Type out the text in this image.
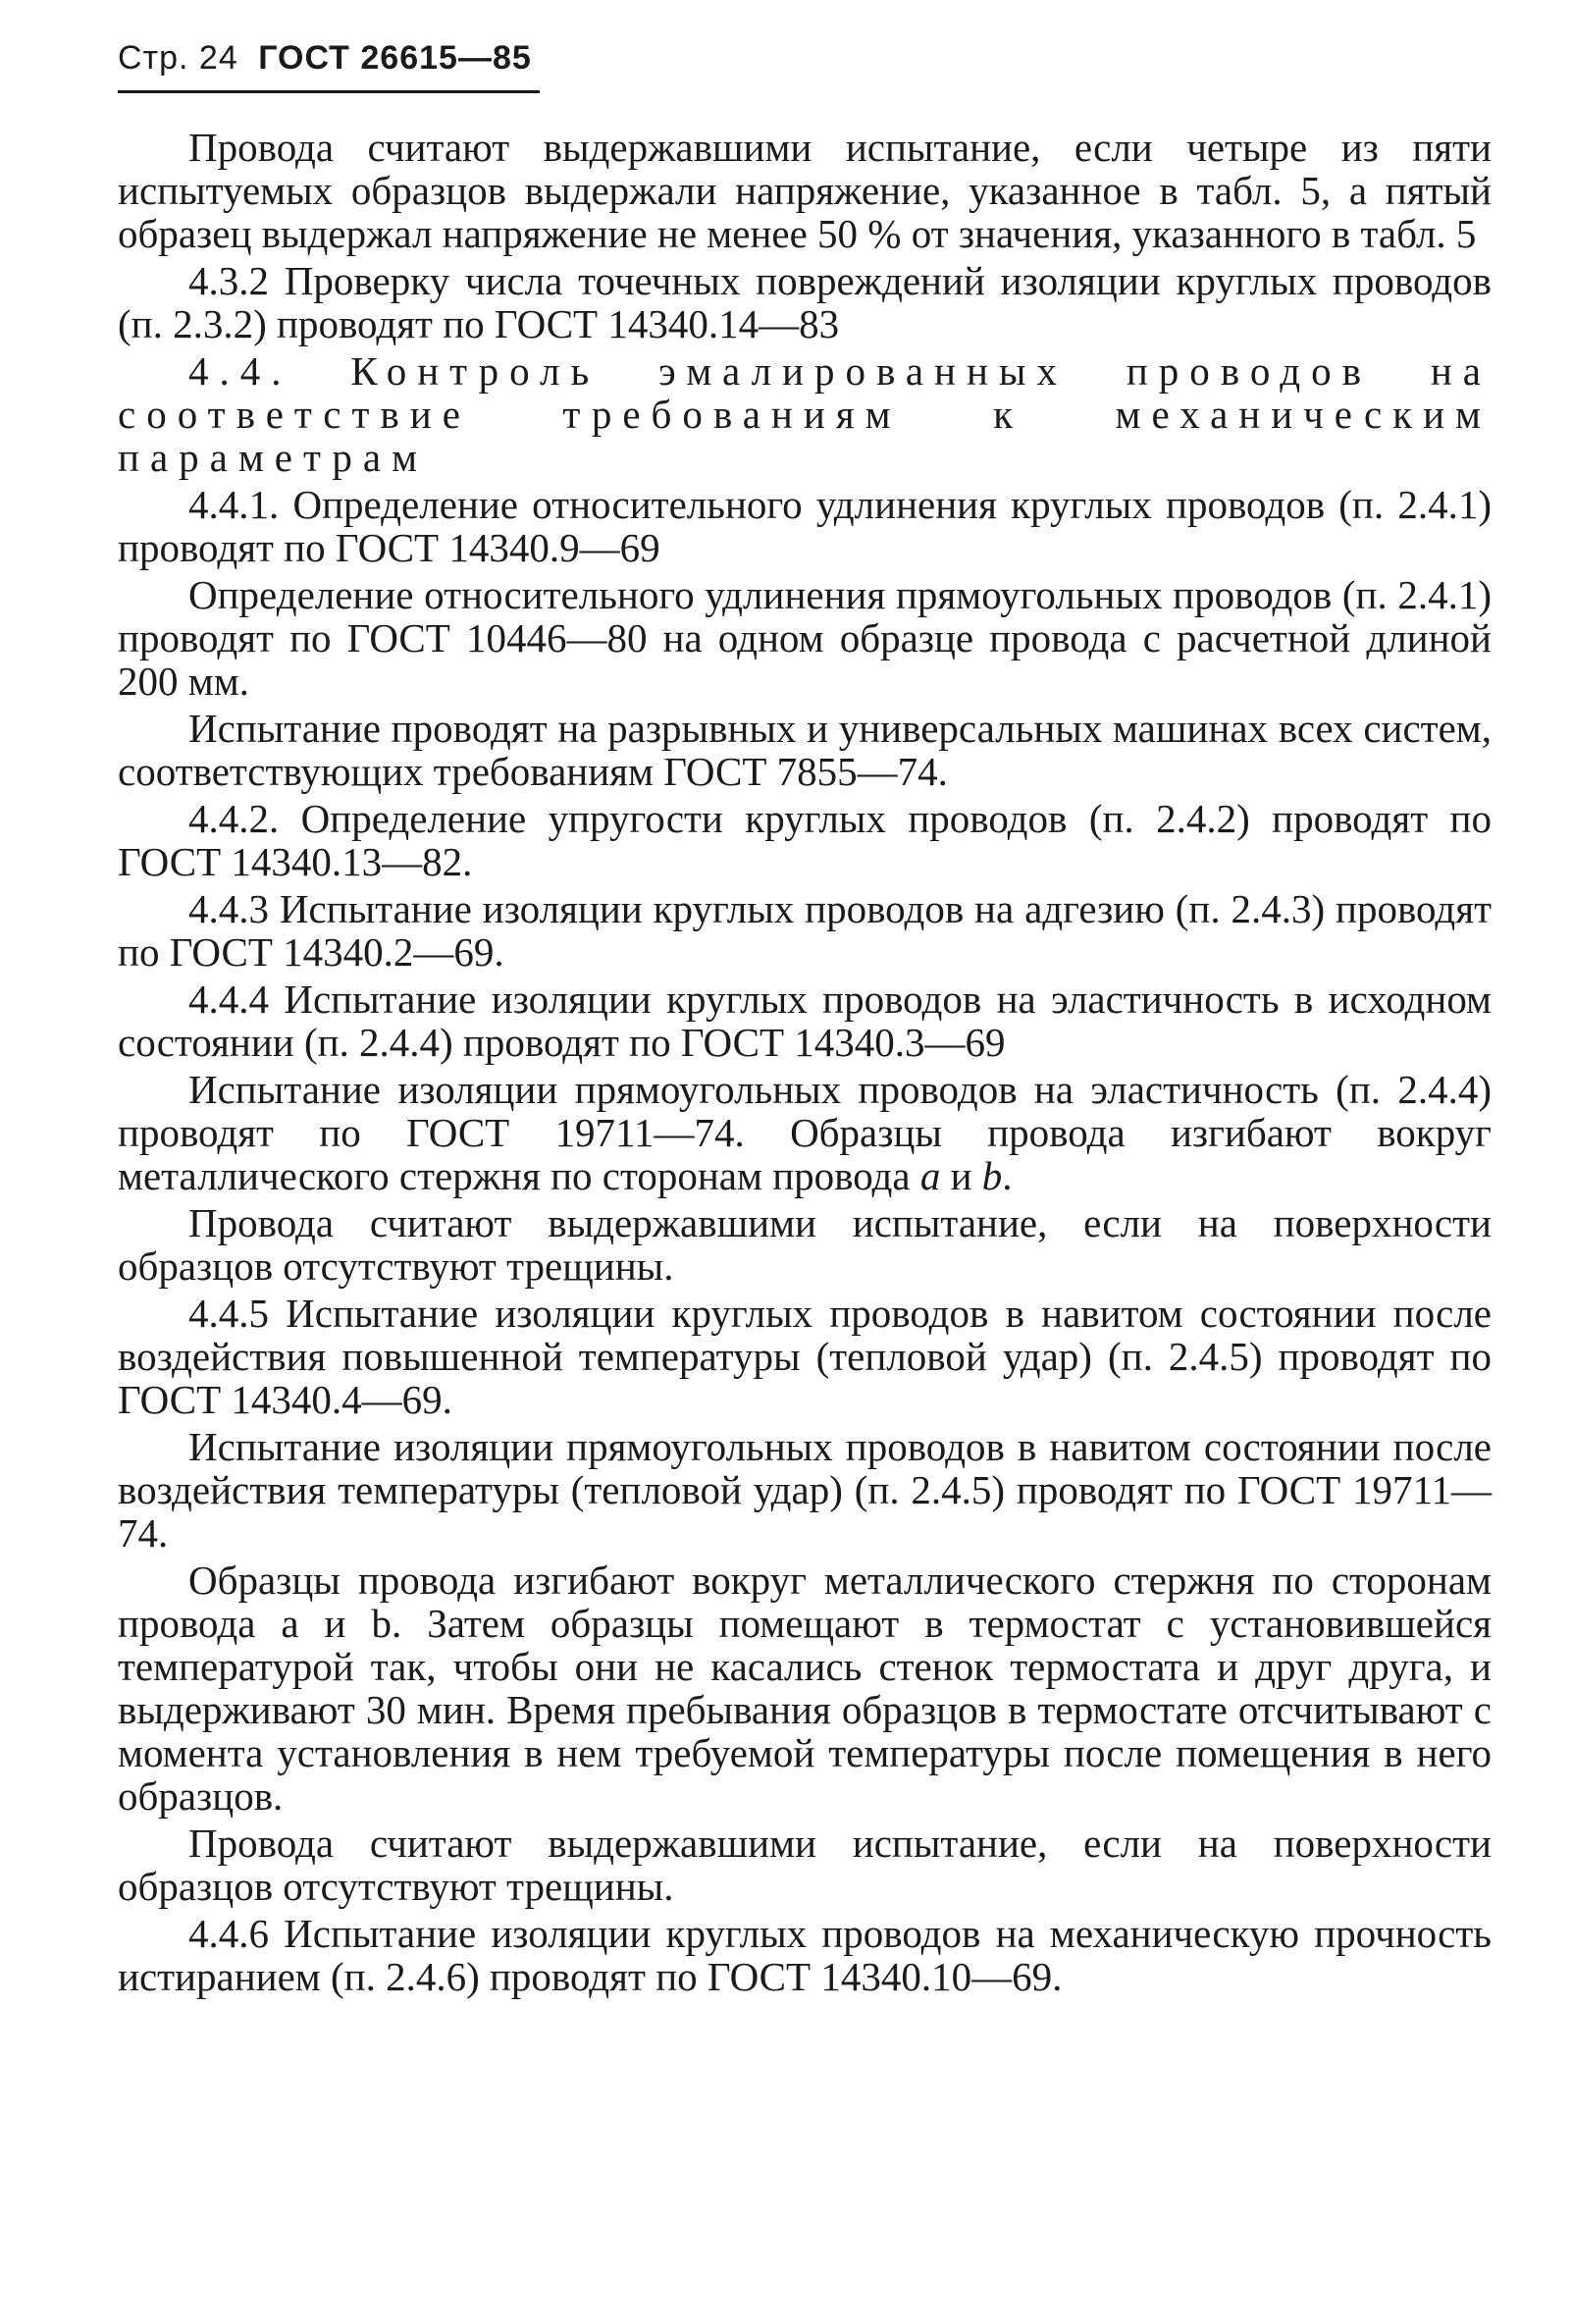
Стр. 24 ГОСТ 26615—85

Провода считают выдержавшими испытание, если четыре из пяти испытуемых образцов выдержали напряжение, указанное в табл. 5, а пятый образец выдержал напряжение не менее 50 % от значения, указанного в табл. 5

4.3.2 Проверку числа точечных повреждений изоляции круглых проводов (п. 2.3.2) проводят по ГОСТ 14340.14—83

4.4. Контроль эмалированных проводов на соответствие требованиям к механическим параметрам

4.4.1. Определение относительного удлинения круглых проводов (п. 2.4.1) проводят по ГОСТ 14340.9—69

Определение относительного удлинения прямоугольных проводов (п. 2.4.1) проводят по ГОСТ 10446—80 на одном образце провода с расчетной длиной 200 мм.

Испытание проводят на разрывных и универсальных машинах всех систем, соответствующих требованиям ГОСТ 7855—74.

4.4.2. Определение упругости круглых проводов (п. 2.4.2) проводят по ГОСТ 14340.13—82.

4.4.3 Испытание изоляции круглых проводов на адгезию (п. 2.4.3) проводят по ГОСТ 14340.2—69.

4.4.4 Испытание изоляции круглых проводов на эластичность в исходном состоянии (п. 2.4.4) проводят по ГОСТ 14340.3—69

Испытание изоляции прямоугольных проводов на эластичность (п. 2.4.4) проводят по ГОСТ 19711—74. Образцы провода изгибают вокруг металлического стержня по сторонам провода a и b.

Провода считают выдержавшими испытание, если на поверхности образцов отсутствуют трещины.

4.4.5 Испытание изоляции круглых проводов в навитом состоянии после воздействия повышенной температуры (тепловой удар) (п. 2.4.5) проводят по ГОСТ 14340.4—69.

Испытание изоляции прямоугольных проводов в навитом состоянии после воздействия температуры (тепловой удар) (п. 2.4.5) проводят по ГОСТ 19711—74.

Образцы провода изгибают вокруг металлического стержня по сторонам провода a и b. Затем образцы помещают в термостат с установившейся температурой так, чтобы они не касались стенок термостата и друг друга, и выдерживают 30 мин. Время пребывания образцов в термостате отсчитывают с момента установления в нем требуемой температуры после помещения в него образцов.

Провода считают выдержавшими испытание, если на поверхности образцов отсутствуют трещины.

4.4.6 Испытание изоляции круглых проводов на механическую прочность истиранием (п. 2.4.6) проводят по ГОСТ 14340.10—69.
